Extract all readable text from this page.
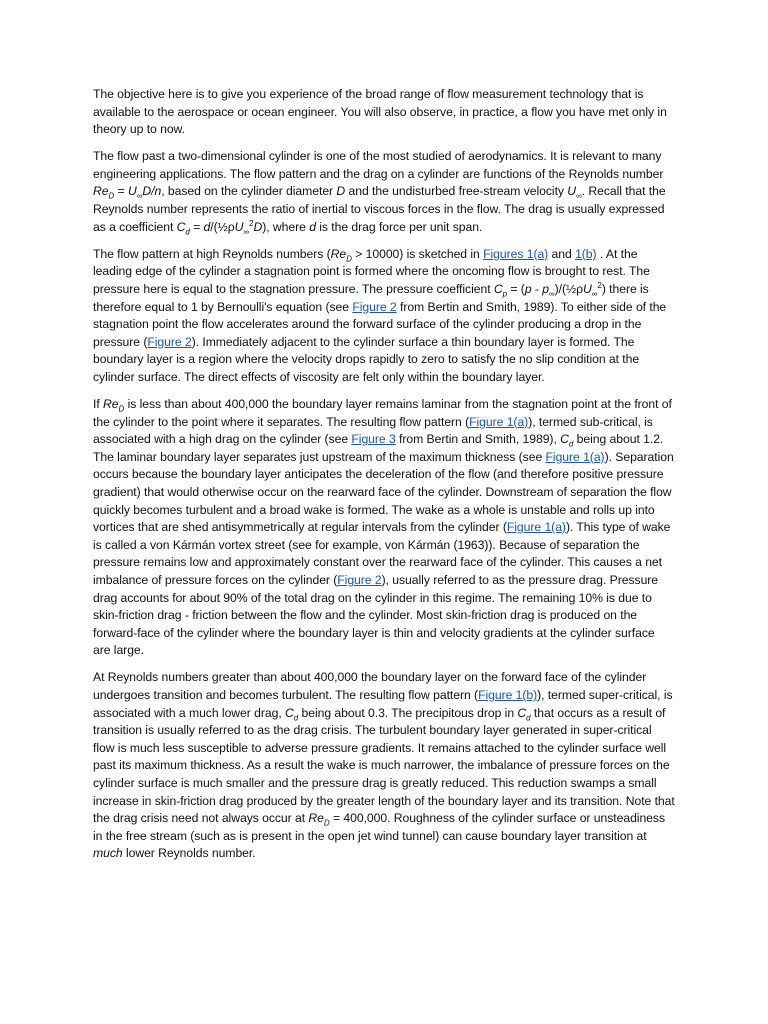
The objective here is to give you experience of the broad range of flow measurement technology that is available to the aerospace or ocean engineer. You will also observe, in practice, a flow you have met only in theory up to now.

The flow past a two-dimensional cylinder is one of the most studied of aerodynamics. It is relevant to many engineering applications. The flow pattern and the drag on a cylinder are functions of the Reynolds number $Re_D = U_\infty D/n$, based on the cylinder diameter D and the undisturbed free-stream velocity $U_\infty$. Recall that the Reynolds number represents the ratio of inertial to viscous forces in the flow. The drag is usually expressed as a coefficient $C_d$ = $d/(\frac{1}{2}\rho U_\infty^2D)$, where d is the drag force per unit span.

The flow pattern at high Reynolds numbers $(Re_D > 10000)$ is sketched in Figures 1(a) and 1(b) . At the leading edge of the cylinder a stagnation point is formed where the oncoming flow is brought to rest. The pressure here is equal to the stagnation pressure. The pressure coefficient $C_p = (p$ - $p_\infty)/(\frac{1}{2}\rho U_\infty^2)$ there is therefore equal to 1 by Bernoulli's equation (see Figure 2 from Bertin and Smith, 1989). To either side of the stagnation point the flow accelerates around the forward surface of the cylinder producing a drop in the pressure (Figure 2). Immediately adjacent to the cylinder surface a thin boundary layer is formed. The boundary layer is a region where the velocity drops rapidly to zero to satisfy the no slip condition at the cylinder surface. The direct effects of viscosity are felt only within the boundary layer.

If $Re_D$ is less than about 400,000 the boundary layer remains laminar from the stagnation point at the front of the cylinder to the point where it separates. The resulting flow pattern (Figure 1(a)), termed sub-critical, is associated with a high drag on the cylinder (see Figure 3 from Bertin and Smith, 1989), $C_d$ being about 1.2. The laminar boundary layer separates just upstream of the maximum thickness (see Figure 1(a)). Separation occurs because the boundary layer anticipates the deceleration of the flow (and therefore positive pressure gradient) that would otherwise occur on the rearward face of the cylinder. Downstream of separation the flow quickly becomes turbulent and a broad wake is formed. The wake as a whole is unstable and rolls up into vortices that are shed antisymmetrically at regular intervals from the cylinder (Figure 1(a)). This type of wake is called a von Kármán vortex street (see for example, von Kármán (1963)). Because of separation the pressure remains low and approximately constant over the rearward face of the cylinder. This causes a net imbalance of pressure forces on the cylinder (Figure 2), usually referred to as the pressure drag. Pressure drag accounts for about 90% of the total drag on the cylinder in this regime. The remaining 10% is due to skin-friction drag - friction between the flow and the cylinder. Most skin-friction drag is produced on the forward-face of the cylinder where the boundary layer is thin and velocity gradients at the cylinder surface are large.

At Reynolds numbers greater than about 400,000 the boundary layer on the forward face of the cylinder undergoes transition and becomes turbulent. The resulting flow pattern (Figure 1(b)), termed super-critical, is associated with a much lower drag, $C_d$ being about 0.3. The precipitous drop in $C_d$ that occurs as a result of transition is usually referred to as the drag crisis. The turbulent boundary layer generated in super-critical flow is much less susceptible to adverse pressure gradients. It remains attached to the cylinder surface well past its maximum thickness. As a result the wake is much narrower, the imbalance of pressure forces on the cylinder surface is much smaller and the pressure drag is greatly reduced. This reduction swamps a small increase in skin-friction drag produced by the greater length of the boundary layer and its transition. Note that the drag crisis need not always occur at $Re_D = 400,000$. Roughness of the cylinder surface or unsteadiness in the free stream (such as is present in the open jet wind tunnel) can cause boundary layer transition at much lower Reynolds number.
